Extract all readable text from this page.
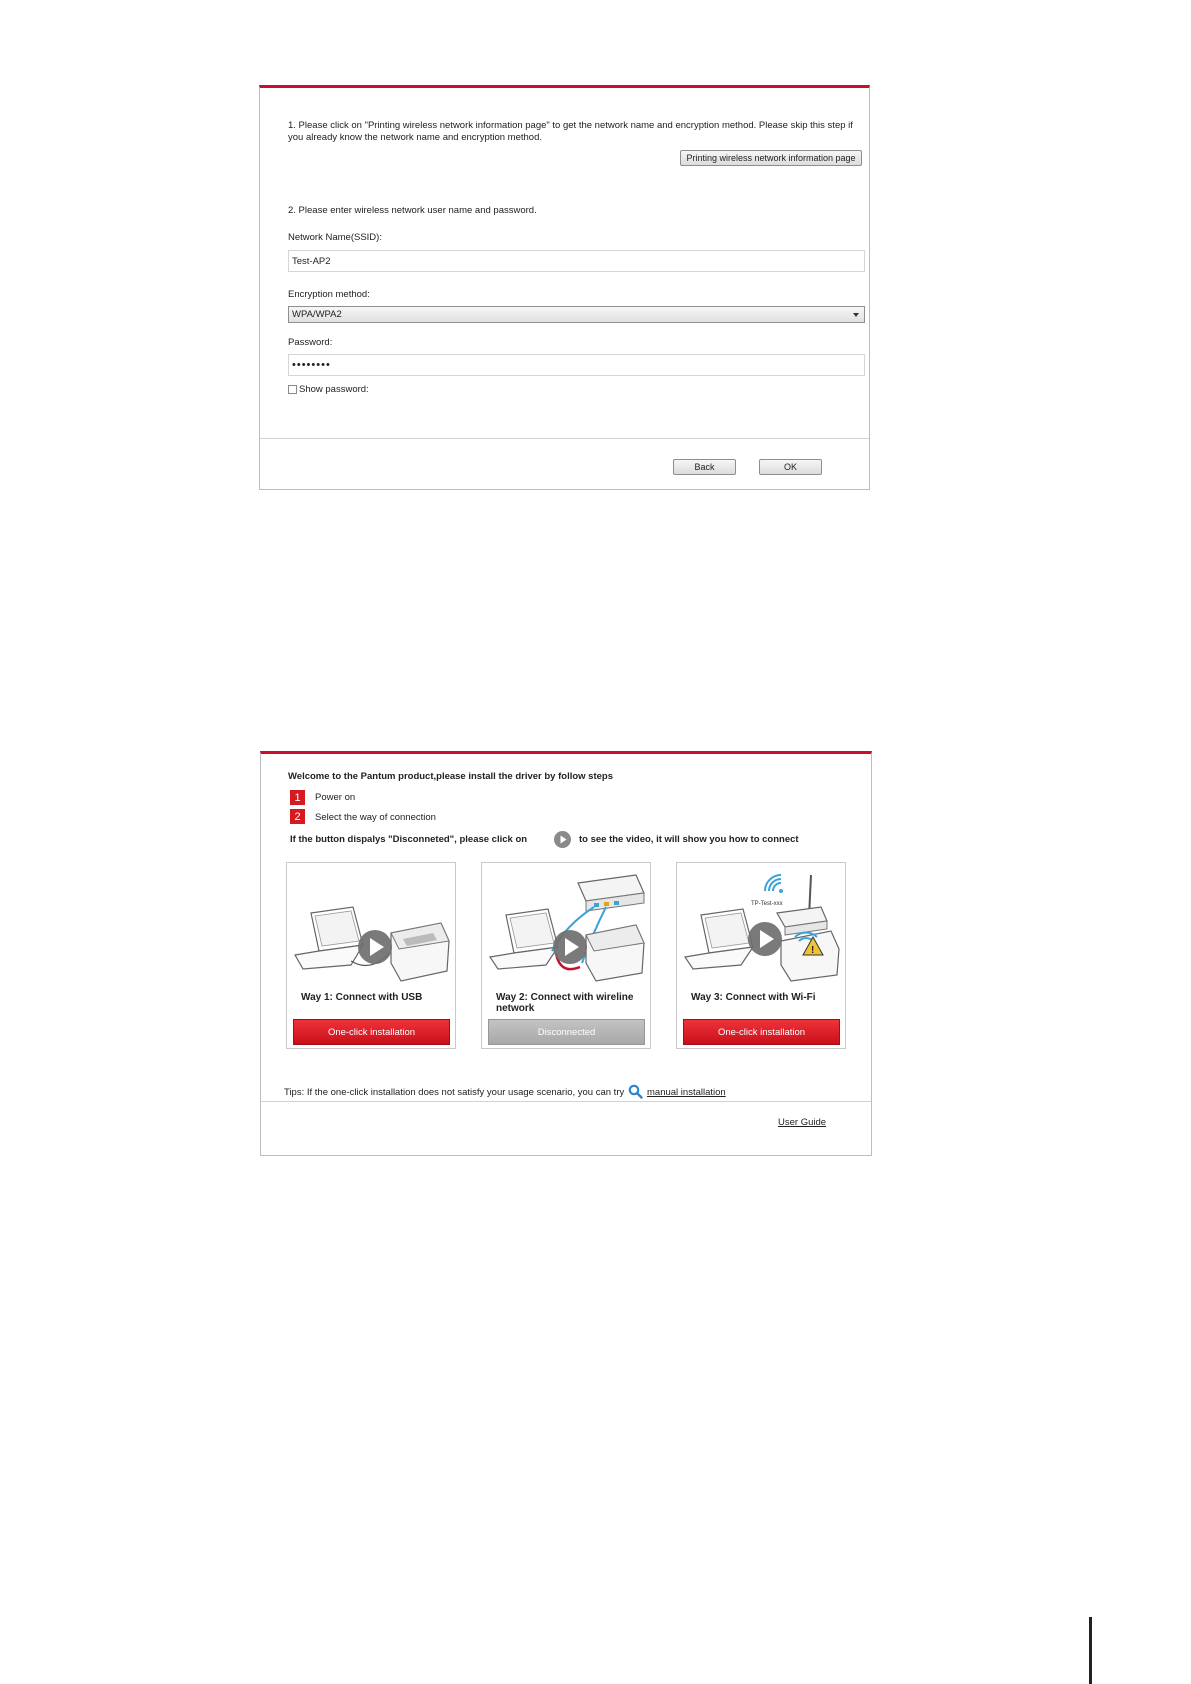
1. Please click on "Printing wireless network information page" to get the network name and encryption method. Please skip this step if you already know the network name and encryption method.
Printing wireless network information page
2. Please enter wireless network user name and password.
Network Name(SSID):
Test-AP2
Encryption method:
WPA/WPA2
Password:
••••••••
Show password:
Back	OK
Welcome to the Pantum product,please install the driver by follow steps
1	Power on
2	Select the way of connection
If the button dispalys "Disconneted", please click on	to see the video, it will show you how to connect
Way 1: Connect with USB
One-click installation
Way 2: Connect with wireline network
Disconnected
TP-Test-xxx
!
Way 3: Connect with Wi-Fi
One-click installation
Tips: If the one-click installation does not satisfy your usage scenario, you can try manual installation
User Guide
